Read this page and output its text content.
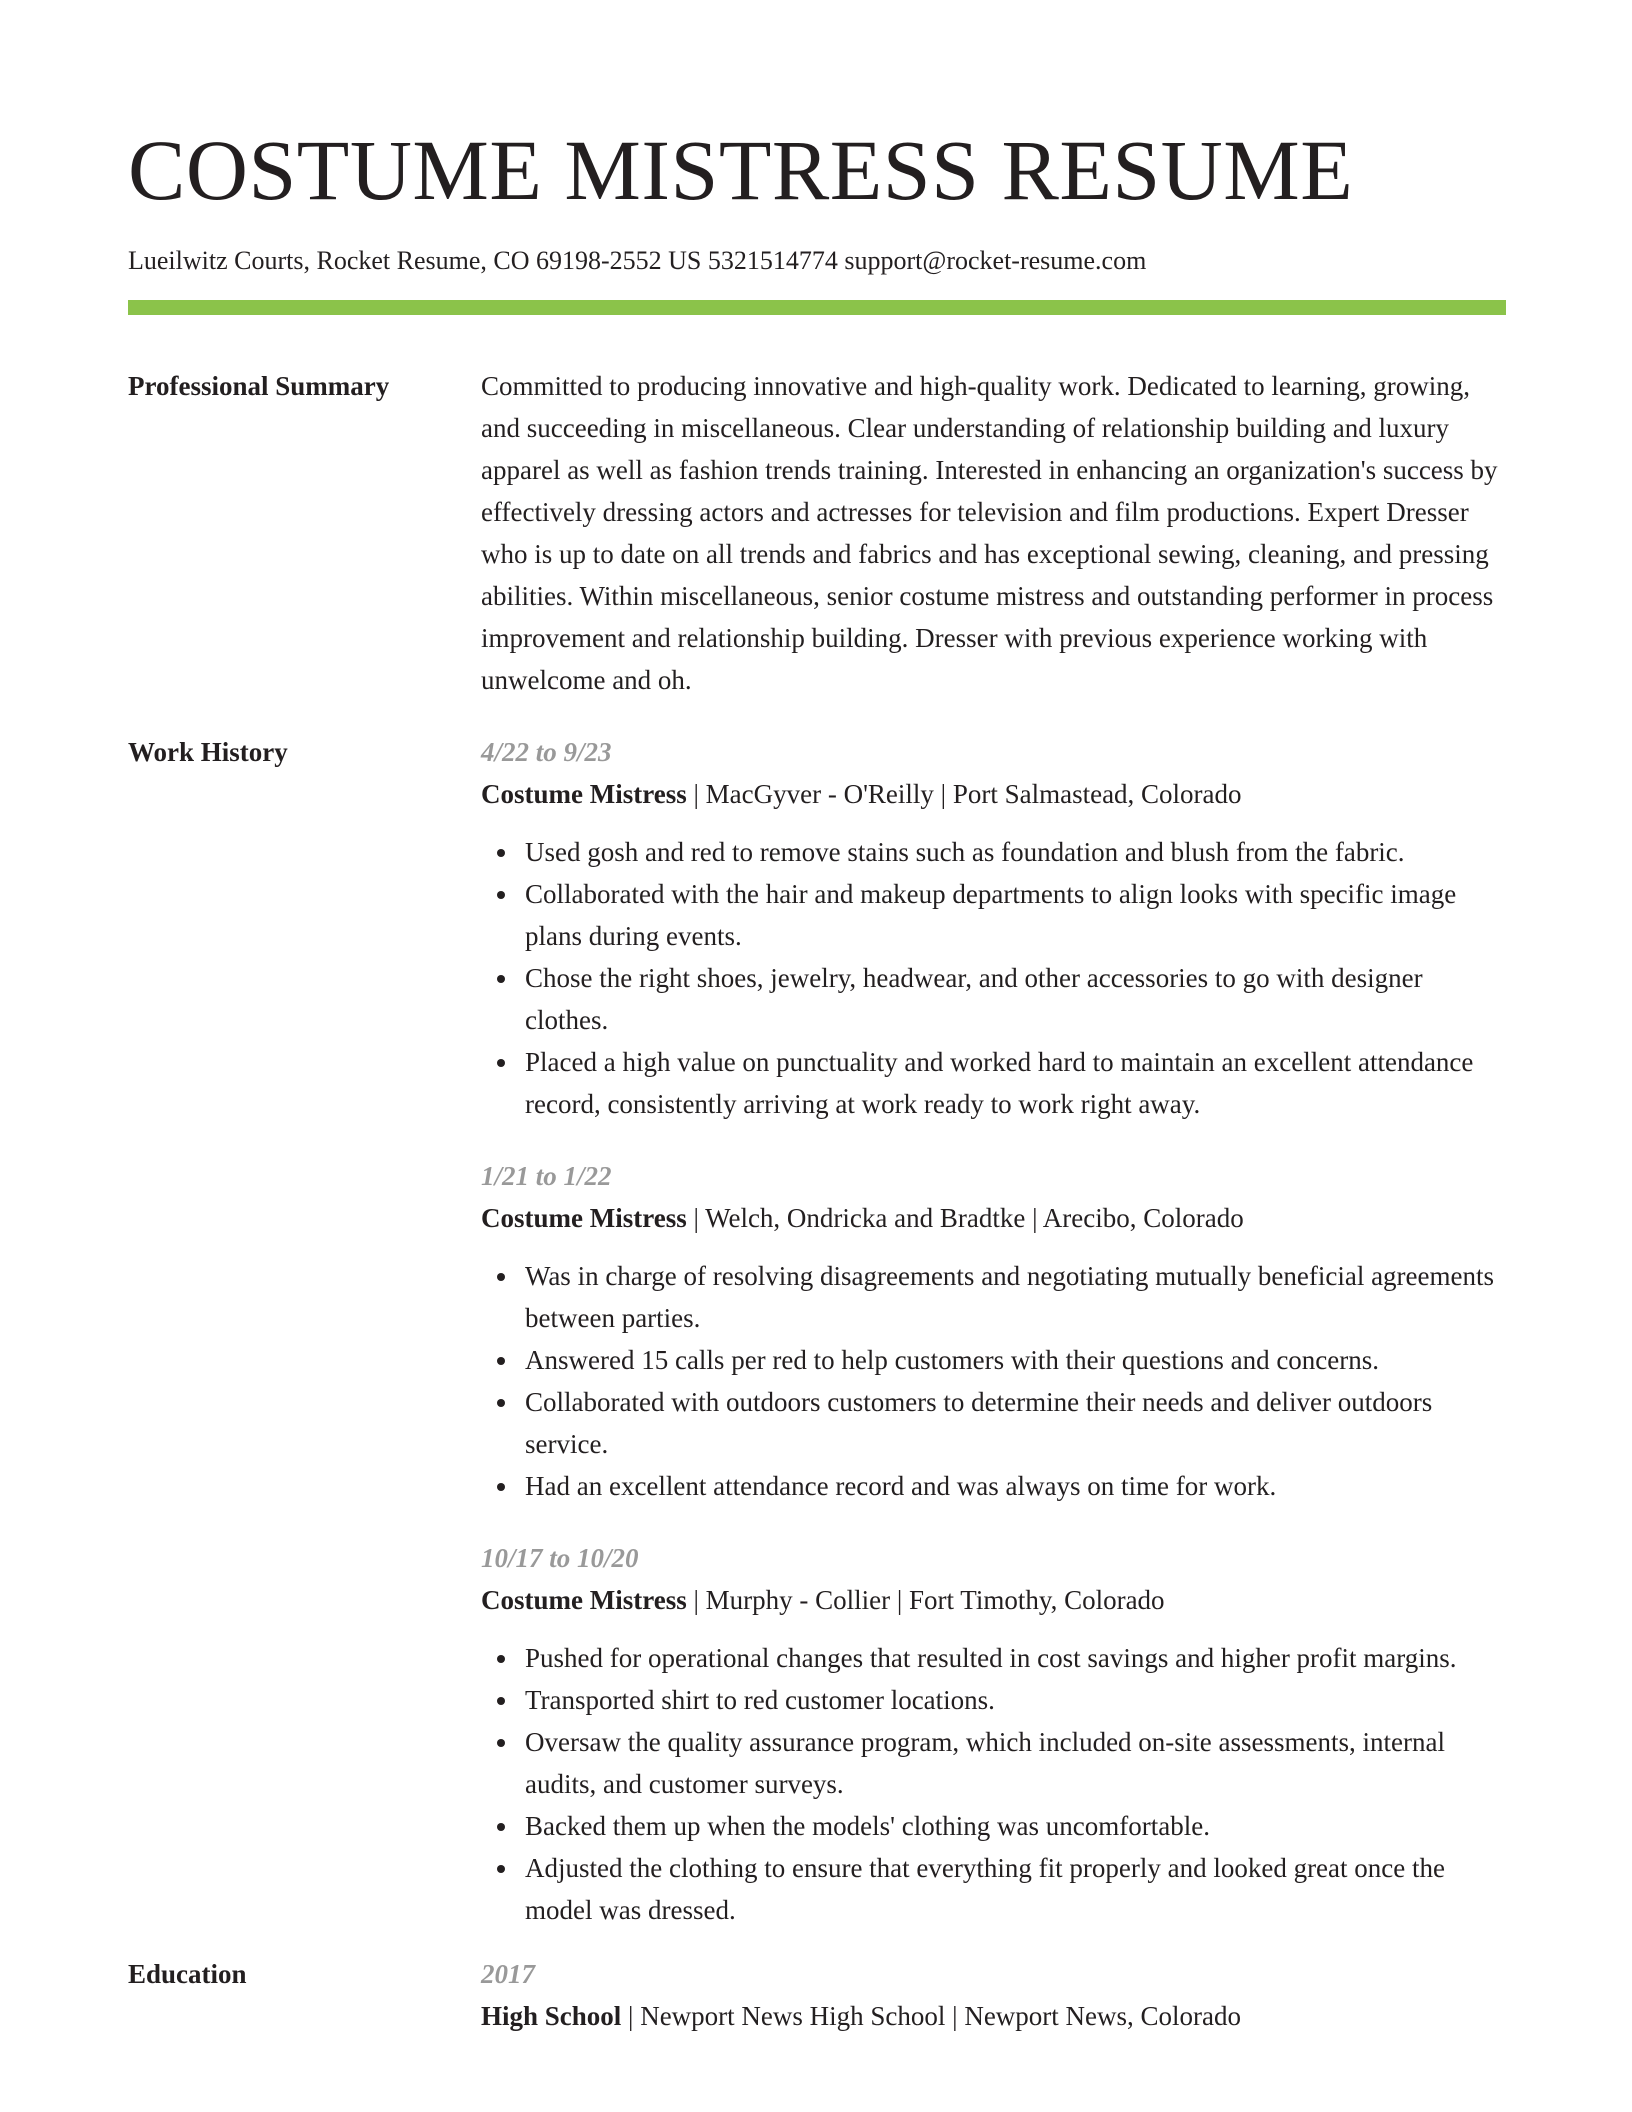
COSTUME MISTRESS RESUME
Lueilwitz Courts, Rocket Resume, CO 69198-2552 US 5321514774 support@rocket-resume.com
Professional Summary	Committed to producing innovative and high-quality work. Dedicated to learning, growing, and succeeding in miscellaneous. Clear understanding of relationship building and luxury apparel as well as fashion trends training. Interested in enhancing an organization's success by effectively dressing actors and actresses for television and film productions. Expert Dresser who is up to date on all trends and fabrics and has exceptional sewing, cleaning, and pressing abilities. Within miscellaneous, senior costume mistress and outstanding performer in process improvement and relationship building. Dresser with previous experience working with unwelcome and oh.

Work History	4/22 to 9/23
Costume Mistress | MacGyver - O'Reilly | Port Salmastead, Colorado
Used gosh and red to remove stains such as foundation and blush from the fabric.
Collaborated with the hair and makeup departments to align looks with specific image plans during events.
Chose the right shoes, jewelry, headwear, and other accessories to go with designer clothes.
Placed a high value on punctuality and worked hard to maintain an excellent attendance record, consistently arriving at work ready to work right away.
1/21 to 1/22
Costume Mistress | Welch, Ondricka and Bradtke | Arecibo, Colorado
Was in charge of resolving disagreements and negotiating mutually beneficial agreements between parties.
Answered 15 calls per red to help customers with their questions and concerns.
Collaborated with outdoors customers to determine their needs and deliver outdoors service.
Had an excellent attendance record and was always on time for work.
10/17 to 10/20
Costume Mistress | Murphy - Collier | Fort Timothy, Colorado
Pushed for operational changes that resulted in cost savings and higher profit margins.
Transported shirt to red customer locations.
Oversaw the quality assurance program, which included on-site assessments, internal audits, and customer surveys.
Backed them up when the models' clothing was uncomfortable.
Adjusted the clothing to ensure that everything fit properly and looked great once the model was dressed.
Education	2017
High School | Newport News High School | Newport News, Colorado
